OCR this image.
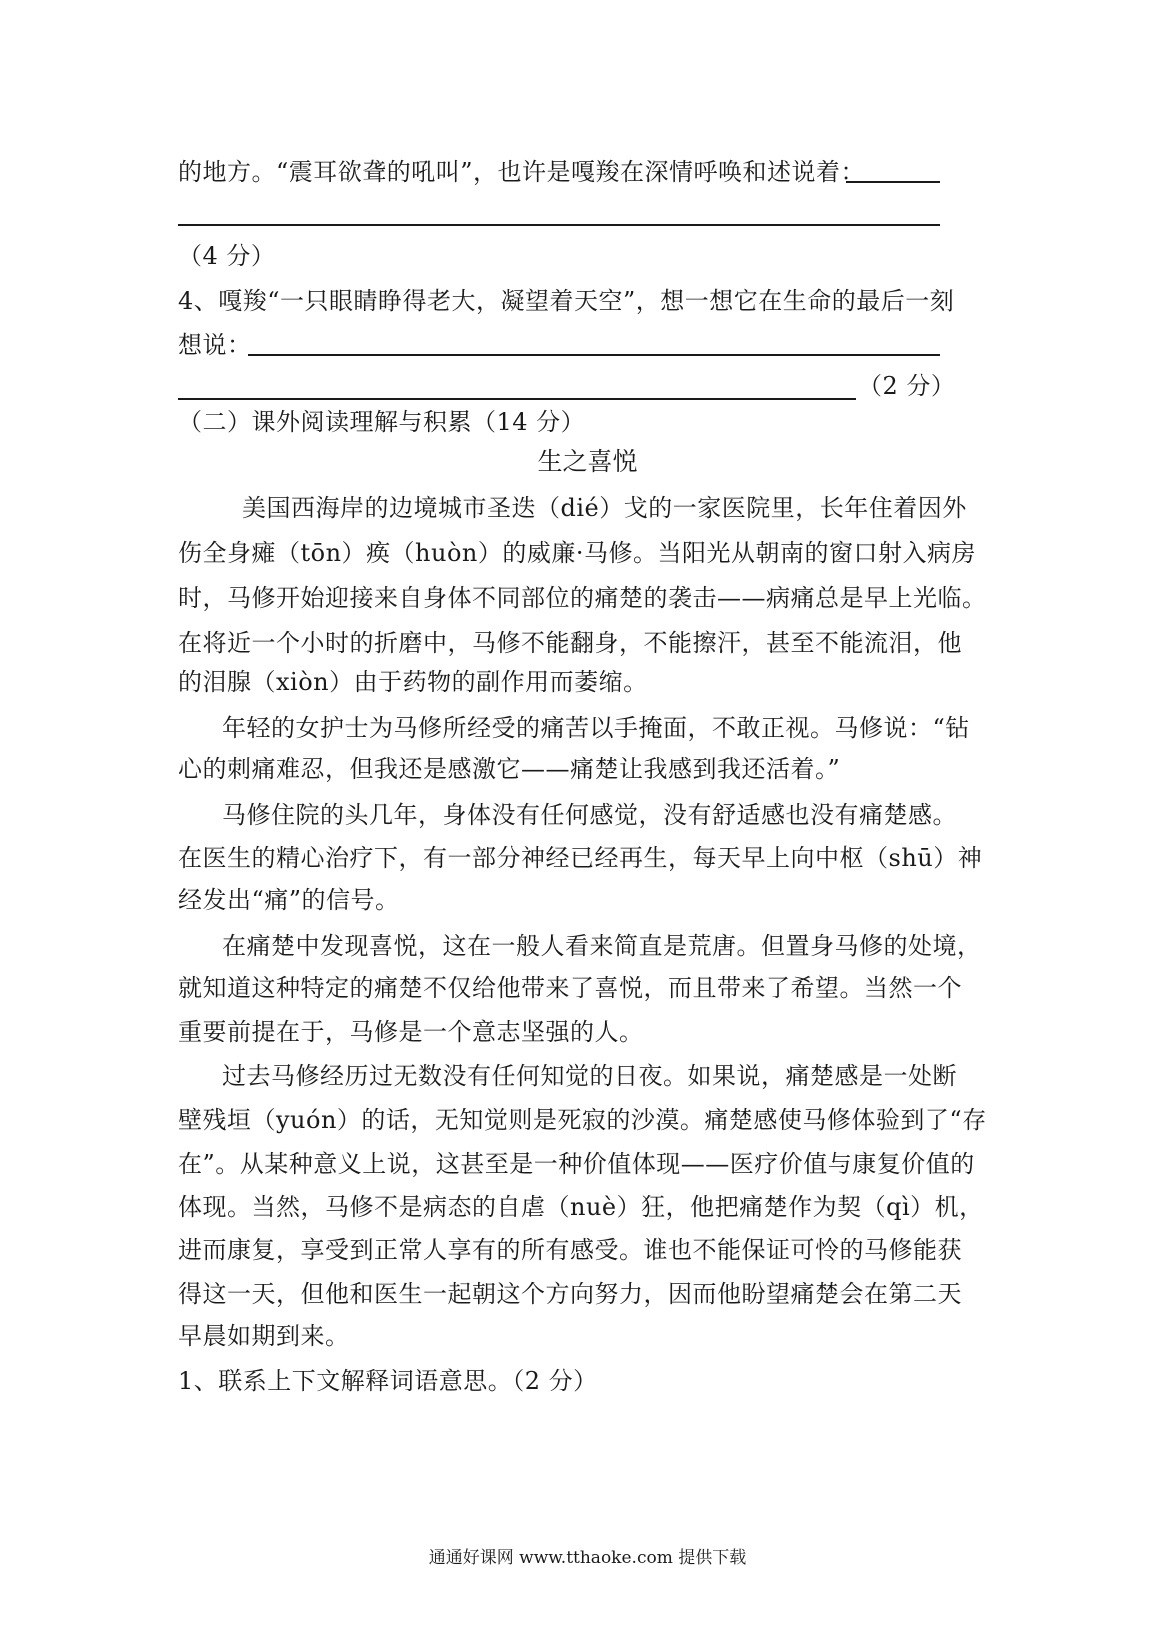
的地方。“震耳欲聋的吼叫”，也许是嘎羧在深情呼唤和述说着：
（4 分）
4、嘎羧“一只眼睛睁得老大，凝望着天空”，想一想它在生命的最后一刻
想说：
（2 分）
（二）课外阅读理解与积累（14 分）
生之喜悦
美国西海岸的边境城市圣迭（dié）戈的一家医院里，长年住着因外
伤全身瘫（tōn）痪（huòn）的威廉·马修。当阳光从朝南的窗口射入病房
时，马修开始迎接来自身体不同部位的痛楚的袭击——病痛总是早上光临。
在将近一个小时的折磨中，马修不能翻身，不能擦汗，甚至不能流泪，他
的泪腺（xiòn）由于药物的副作用而萎缩。
年轻的女护士为马修所经受的痛苦以手掩面，不敢正视。马修说：“钻
心的刺痛难忍，但我还是感激它——痛楚让我感到我还活着。”
马修住院的头几年，身体没有任何感觉，没有舒适感也没有痛楚感。
在医生的精心治疗下，有一部分神经已经再生，每天早上向中枢（shū）神
经发出“痛”的信号。
在痛楚中发现喜悦，这在一般人看来简直是荒唐。但置身马修的处境，
就知道这种特定的痛楚不仅给他带来了喜悦，而且带来了希望。当然一个
重要前提在于，马修是一个意志坚强的人。
过去马修经历过无数没有任何知觉的日夜。如果说，痛楚感是一处断
壁残垣（yuón）的话，无知觉则是死寂的沙漠。痛楚感使马修体验到了“存
在”。从某种意义上说，这甚至是一种价值体现——医疗价值与康复价值的
体现。当然，马修不是病态的自虐（nuè）狂，他把痛楚作为契（qì）机，
进而康复，享受到正常人享有的所有感受。谁也不能保证可怜的马修能获
得这一天，但他和医生一起朝这个方向努力，因而他盼望痛楚会在第二天
早晨如期到来。
1、联系上下文解释词语意思。（2 分）
通通好课网 www.tthaoke.com 提供下载
